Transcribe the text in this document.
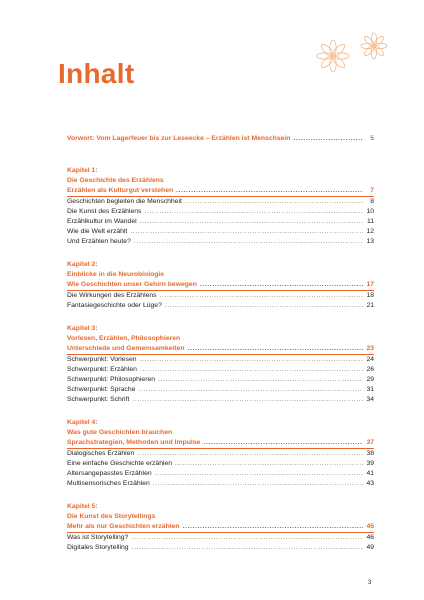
Inhalt
Vorwort: Vom Lagerfeuer bis zur Leseecke – Erzählen ist Menschsein .....	5
Kapitel 1:
Die Geschichte des Erzählens
Erzählen als Kulturgut verstehen .....	7
Geschichten begleiten die Menschheit .....	8
Die Kunst des Erzählens .....	10
Erzählkultur im Wandel .....	11
Wie die Welt erzählt .....	12
Und Erzählen heute? .....	13
Kapitel 2:
Einblicke in die Neurobiologie
Wie Geschichten unser Gehirn bewegen .....	17
Die Wirkungen des Erzählens .....	18
Fantasiegeschichte oder Lüge? .....	21
Kapitel 3:
Vorlesen, Erzählen, Philosophieren
Unterschiede und Gemeinsamkeiten .....	23
Schwerpunkt: Vorlesen .....	24
Schwerpunkt: Erzählen .....	26
Schwerpunkt: Philosophieren .....	29
Schwerpunkt: Sprache .....	31
Schwerpunkt: Schrift .....	34
Kapitel 4:
Was gute Geschichten brauchen
Sprachstrategien, Methoden und Impulse .....	37
Dialogisches Erzählen .....	38
Eine einfache Geschichte erzählen .....	39
Altersangepasstes Erzählen .....	41
Multisensorisches Erzählen .....	43
Kapitel 5:
Die Kunst des Storytellings
Mehr als nur Geschichten erzählen .....	45
Was ist Storytelling? .....	46
Digitales Storytelling .....	49
3
